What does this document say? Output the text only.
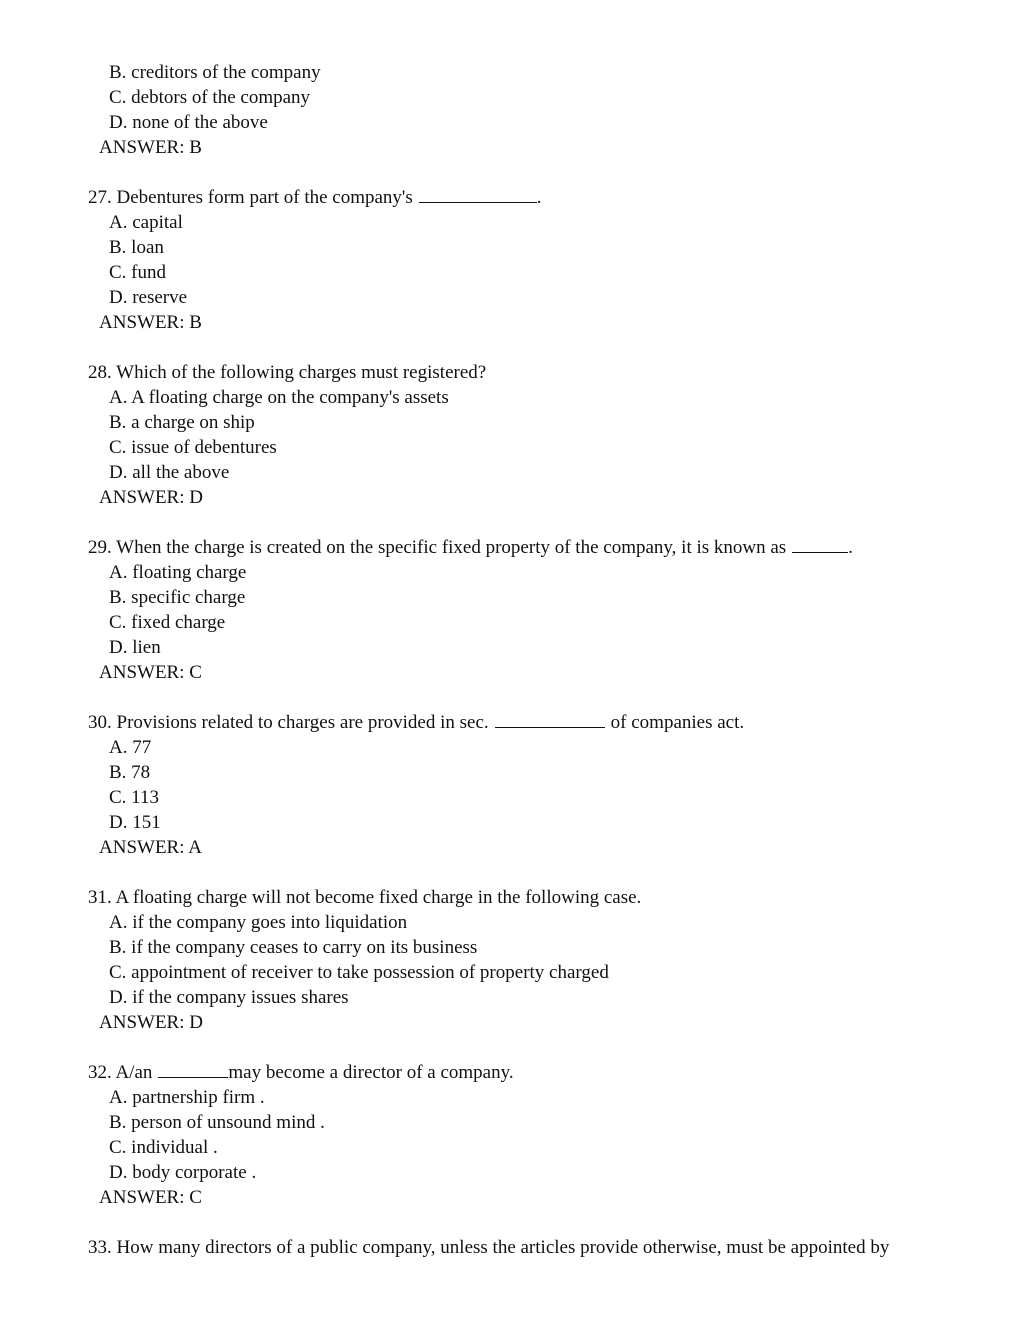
B. creditors of the company
C. debtors of the company
D. none of the above
ANSWER: B
27. Debentures form part of the company's	.
A. capital
B. loan
C. fund
D. reserve
ANSWER: B
28. Which of the following charges must registered?
A. A floating charge on the company's assets
B. a charge on ship
C. issue of debentures
D. all the above
ANSWER: D
29. When the charge is created on the specific fixed property of the company, it is known as	.
A. floating charge
B. specific charge
C. fixed charge
D. lien
ANSWER: C
30. Provisions related to charges are provided in sec.	of companies act.
A. 77
B. 78
C. 113
D. 151
ANSWER: A
31. A floating charge will not become fixed charge in the following case.
A. if the company goes into liquidation
B. if the company ceases to carry on its business
C. appointment of receiver to take possession of property charged
D. if the company issues shares
ANSWER: D
32. A/an	may become a director of a company.
A. partnership firm .
B. person of unsound mind .
C. individual .
D. body corporate .
ANSWER: C
33. How many directors of a public company, unless the articles provide otherwise, must be appointed by
